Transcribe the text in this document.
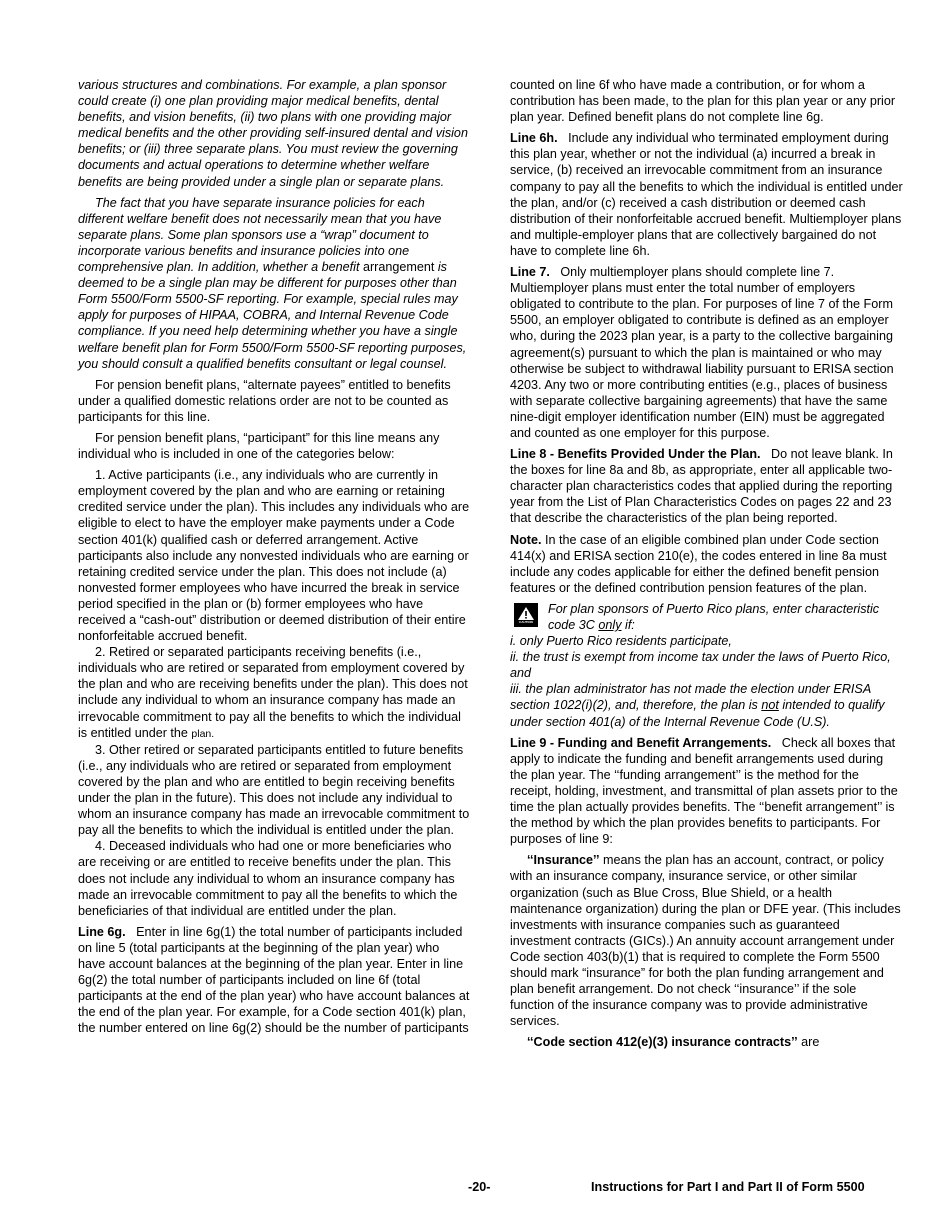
various structures and combinations. For example, a plan sponsor could create (i) one plan providing major medical benefits, dental benefits, and vision benefits, (ii) two plans with one providing major medical benefits and the other providing self-insured dental and vision benefits; or (iii) three separate plans. You must review the governing documents and actual operations to determine whether welfare benefits are being provided under a single plan or separate plans.

The fact that you have separate insurance policies for each different welfare benefit does not necessarily mean that you have separate plans. Some plan sponsors use a “wrap” document to incorporate various benefits and insurance policies into one comprehensive plan. In addition, whether a benefit arrangement is deemed to be a single plan may be different for purposes other than Form 5500/Form 5500-SF reporting. For example, special rules may apply for purposes of HIPAA, COBRA, and Internal Revenue Code compliance. If you need help determining whether you have a single welfare benefit plan for Form 5500/Form 5500-SF reporting purposes, you should consult a qualified benefits consultant or legal counsel.

For pension benefit plans, “alternate payees” entitled to benefits under a qualified domestic relations order are not to be counted as participants for this line.

For pension benefit plans, “participant” for this line means any individual who is included in one of the categories below:

1. Active participants (i.e., any individuals who are currently in employment covered by the plan and who are earning or retaining credited service under the plan). This includes any individuals who are eligible to elect to have the employer make payments under a Code section 401(k) qualified cash or deferred arrangement. Active participants also include any nonvested individuals who are earning or retaining credited service under the plan. This does not include (a) nonvested former employees who have incurred the break in service period specified in the plan or (b) former employees who have received a “cash-out” distribution or deemed distribution of their entire nonforfeitable accrued benefit.

2. Retired or separated participants receiving benefits (i.e., individuals who are retired or separated from employment covered by the plan and who are receiving benefits under the plan). This does not include any individual to whom an insurance company has made an irrevocable commitment to pay all the benefits to which the individual is entitled under the plan.

3. Other retired or separated participants entitled to future benefits (i.e., any individuals who are retired or separated from employment covered by the plan and who are entitled to begin receiving benefits under the plan in the future). This does not include any individual to whom an insurance company has made an irrevocable commitment to pay all the benefits to which the individual is entitled under the plan.

4. Deceased individuals who had one or more beneficiaries who are receiving or are entitled to receive benefits under the plan. This does not include any individual to whom an insurance company has made an irrevocable commitment to pay all the benefits to which the beneficiaries of that individual are entitled under the plan.

Line 6g. Enter in line 6g(1) the total number of participants included on line 5 (total participants at the beginning of the plan year) who have account balances at the beginning of the plan year. Enter in line 6g(2) the total number of participants included on line 6f (total participants at the end of the plan year) who have account balances at the end of the plan year. For example, for a Code section 401(k) plan, the number entered on line 6g(2) should be the number of participants

counted on line 6f who have made a contribution, or for whom a contribution has been made, to the plan for this plan year or any prior plan year. Defined benefit plans do not complete line 6g.

Line 6h. Include any individual who terminated employment during this plan year, whether or not the individual (a) incurred a break in service, (b) received an irrevocable commitment from an insurance company to pay all the benefits to which the individual is entitled under the plan, and/or (c) received a cash distribution or deemed cash distribution of their nonforfeitable accrued benefit. Multiemployer plans and multiple-employer plans that are collectively bargained do not have to complete line 6h.

Line 7. Only multiemployer plans should complete line 7. Multiemployer plans must enter the total number of employers obligated to contribute to the plan. For purposes of line 7 of the Form 5500, an employer obligated to contribute is defined as an employer who, during the 2023 plan year, is a party to the collective bargaining agreement(s) pursuant to which the plan is maintained or who may otherwise be subject to withdrawal liability pursuant to ERISA section 4203. Any two or more contributing entities (e.g., places of business with separate collective bargaining agreements) that have the same nine-digit employer identification number (EIN) must be aggregated and counted as one employer for this purpose.

Line 8 - Benefits Provided Under the Plan. Do not leave blank. In the boxes for line 8a and 8b, as appropriate, enter all applicable two-character plan characteristics codes that applied during the reporting year from the List of Plan Characteristics Codes on pages 22 and 23 that describe the characteristics of the plan being reported.

Note. In the case of an eligible combined plan under Code section 414(x) and ERISA section 210(e), the codes entered in line 8a must include any codes applicable for either the defined benefit pension features or the defined contribution pension features of the plan.

CAUTION

For plan sponsors of Puerto Rico plans, enter characteristic code 3C only if:

i. only Puerto Rico residents participate,

ii. the trust is exempt from income tax under the laws of Puerto Rico, and

iii. the plan administrator has not made the election under ERISA section 1022(i)(2), and, therefore, the plan is not intended to qualify under section 401(a) of the Internal Revenue Code (U.S).

Line 9 - Funding and Benefit Arrangements. Check all boxes that apply to indicate the funding and benefit arrangements used during the plan year. The ‘‘funding arrangement’’ is the method for the receipt, holding, investment, and transmittal of plan assets prior to the time the plan actually provides benefits. The ‘‘benefit arrangement’’ is the method by which the plan provides benefits to participants. For purposes of line 9:

‘‘Insurance’’ means the plan has an account, contract, or policy with an insurance company, insurance service, or other similar organization (such as Blue Cross, Blue Shield, or a health maintenance organization) during the plan or DFE year. (This includes investments with insurance companies such as guaranteed investment contracts (GICs).) An annuity account arrangement under Code section 403(b)(1) that is required to complete the Form 5500 should mark “insurance” for both the plan funding arrangement and plan benefit arrangement. Do not check ‘‘insurance’’ if the sole function of the insurance company was to provide administrative services.

‘‘Code section 412(e)(3) insurance contracts’’ are

-20-	Instructions for Part I and Part II of Form 5500
